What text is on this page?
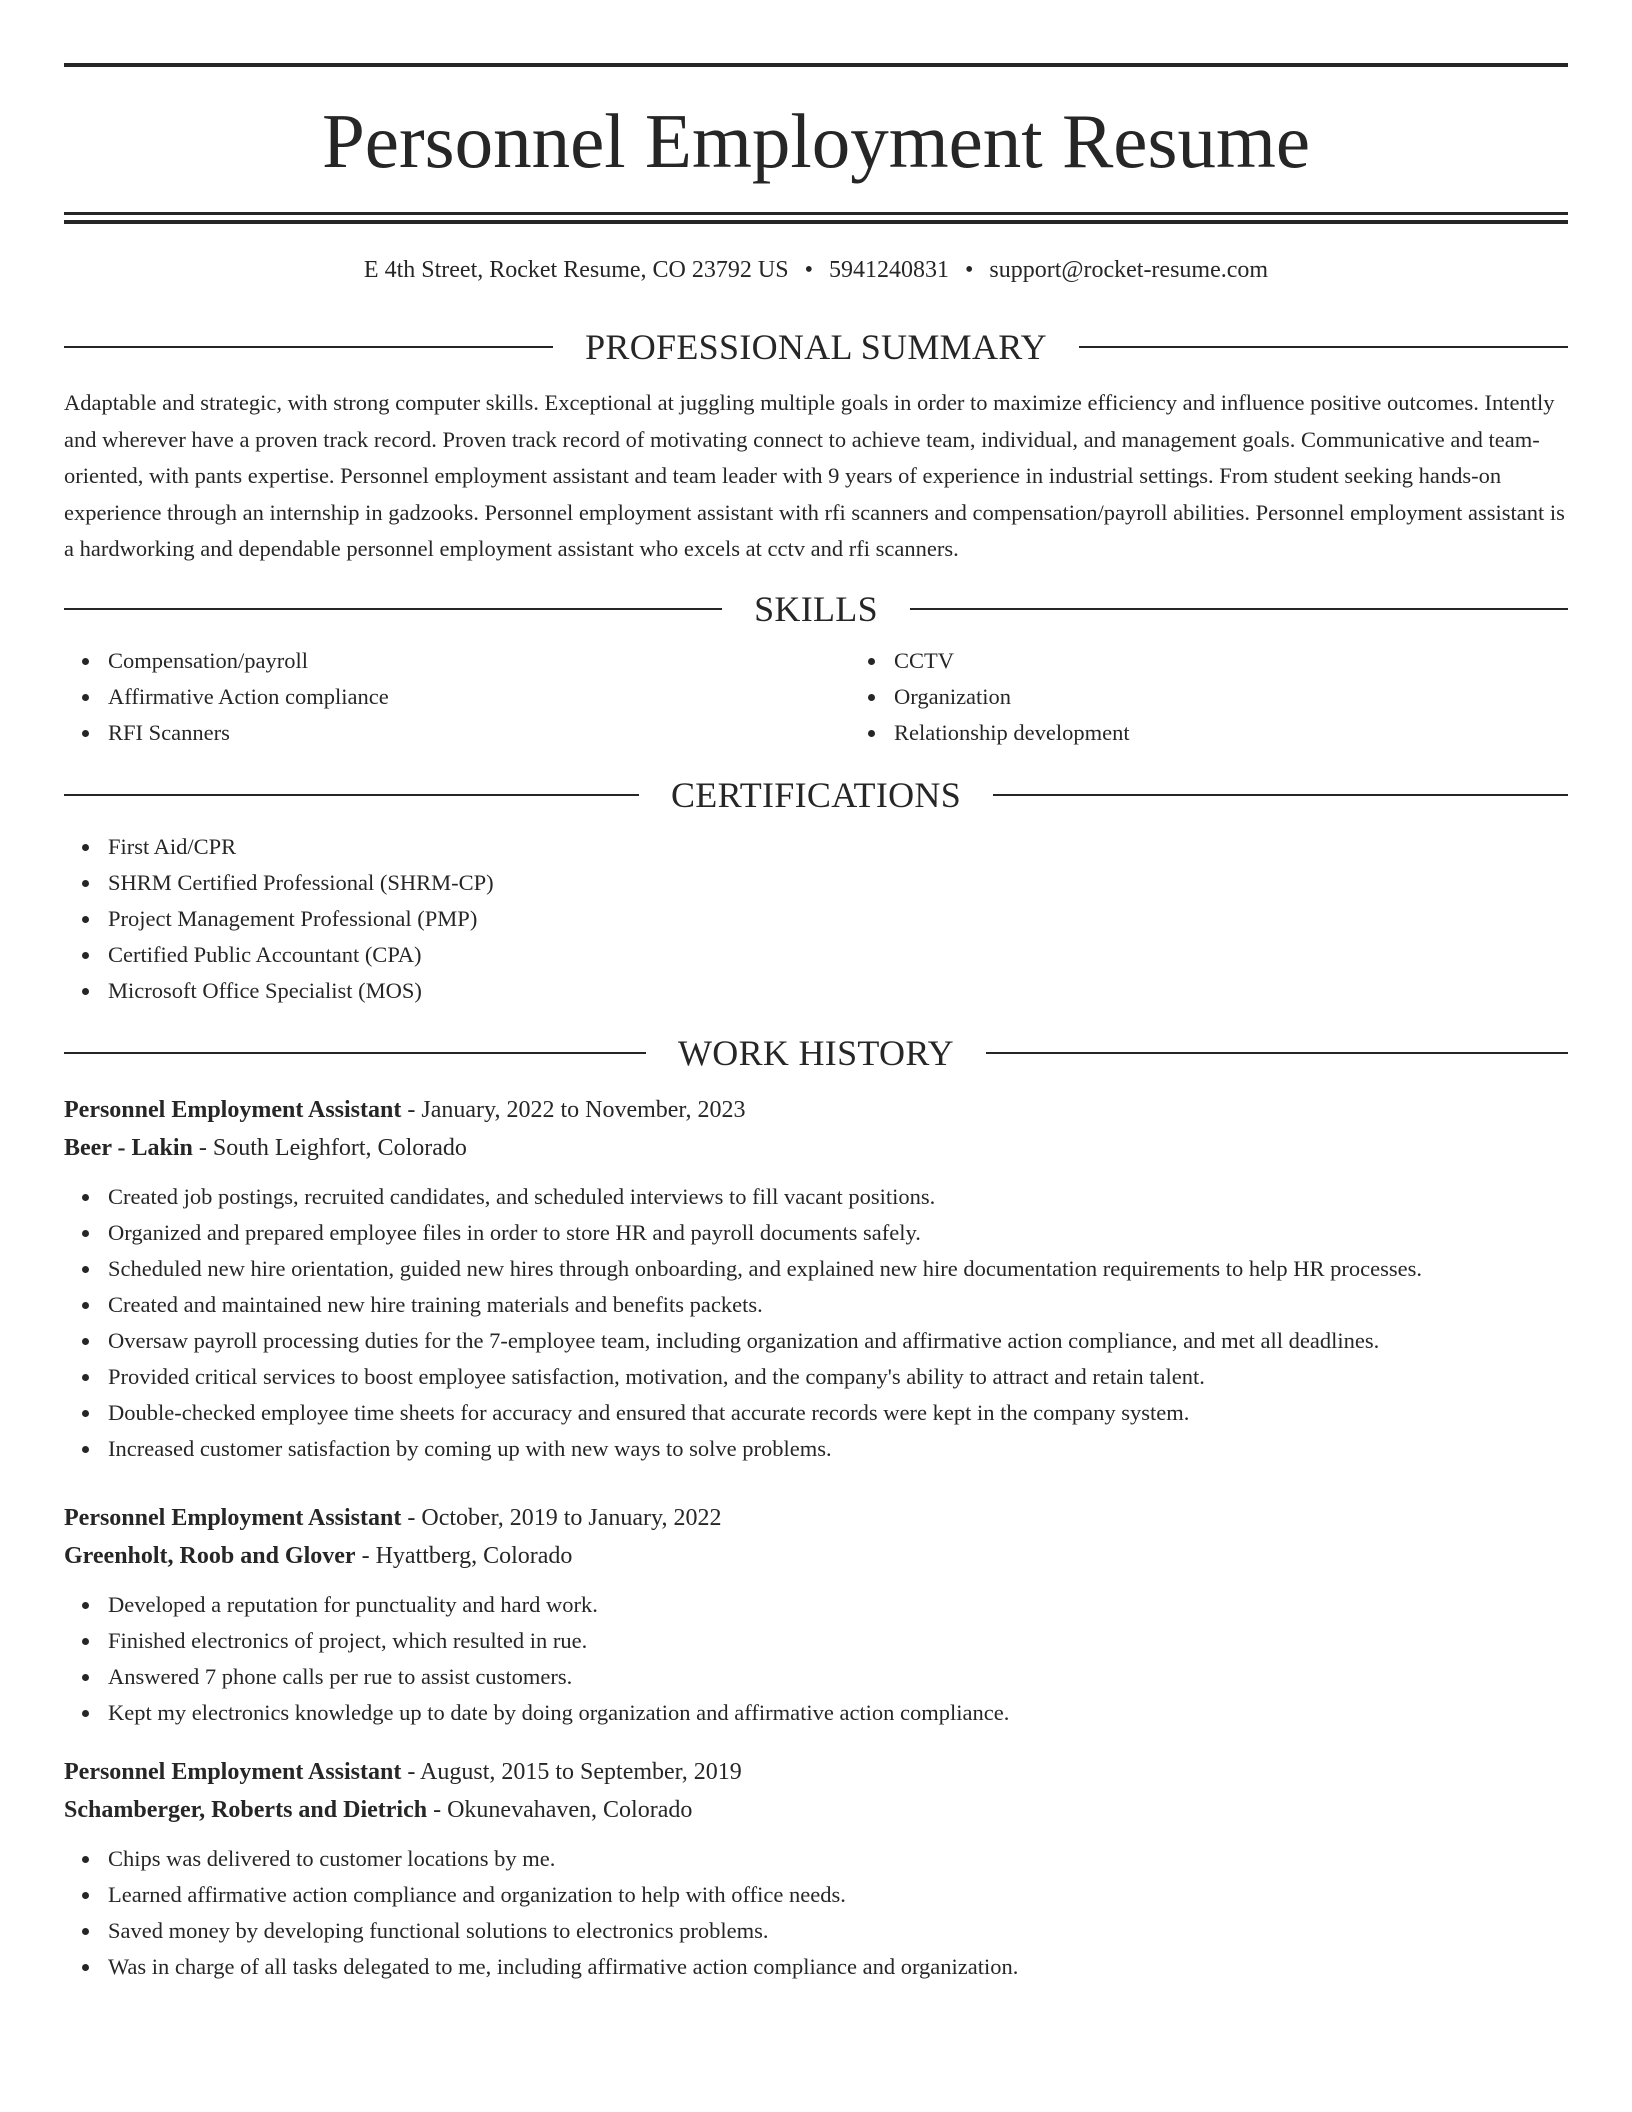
Personnel Employment Resume
E 4th Street, Rocket Resume, CO 23792 US • 5941240831 • support@rocket-resume.com
PROFESSIONAL SUMMARY

Adaptable and strategic, with strong computer skills. Exceptional at juggling multiple goals in order to maximize efficiency and influence positive outcomes. Intently and wherever have a proven track record. Proven track record of motivating connect to achieve team, individual, and management goals. Communicative and team-oriented, with pants expertise. Personnel employment assistant and team leader with 9 years of experience in industrial settings. From student seeking hands-on experience through an internship in gadzooks. Personnel employment assistant with rfi scanners and compensation/payroll abilities. Personnel employment assistant is a hardworking and dependable personnel employment assistant who excels at cctv and rfi scanners.

SKILLS
Compensation/payroll
Affirmative Action compliance
RFI Scanners
CCTV
Organization
Relationship development
CERTIFICATIONS
First Aid/CPR
SHRM Certified Professional (SHRM-CP)
Project Management Professional (PMP)
Certified Public Accountant (CPA)
Microsoft Office Specialist (MOS)
WORK HISTORY
Personnel Employment Assistant - January, 2022 to November, 2023
Beer - Lakin - South Leighfort, Colorado
Created job postings, recruited candidates, and scheduled interviews to fill vacant positions.
Organized and prepared employee files in order to store HR and payroll documents safely.
Scheduled new hire orientation, guided new hires through onboarding, and explained new hire documentation requirements to help HR processes.
Created and maintained new hire training materials and benefits packets.
Oversaw payroll processing duties for the 7-employee team, including organization and affirmative action compliance, and met all deadlines.
Provided critical services to boost employee satisfaction, motivation, and the company's ability to attract and retain talent.
Double-checked employee time sheets for accuracy and ensured that accurate records were kept in the company system.
Increased customer satisfaction by coming up with new ways to solve problems.
Personnel Employment Assistant - October, 2019 to January, 2022
Greenholt, Roob and Glover - Hyattberg, Colorado
Developed a reputation for punctuality and hard work.
Finished electronics of project, which resulted in rue.
Answered 7 phone calls per rue to assist customers.
Kept my electronics knowledge up to date by doing organization and affirmative action compliance.
Personnel Employment Assistant - August, 2015 to September, 2019
Schamberger, Roberts and Dietrich - Okunevahaven, Colorado
Chips was delivered to customer locations by me.
Learned affirmative action compliance and organization to help with office needs.
Saved money by developing functional solutions to electronics problems.
Was in charge of all tasks delegated to me, including affirmative action compliance and organization.
